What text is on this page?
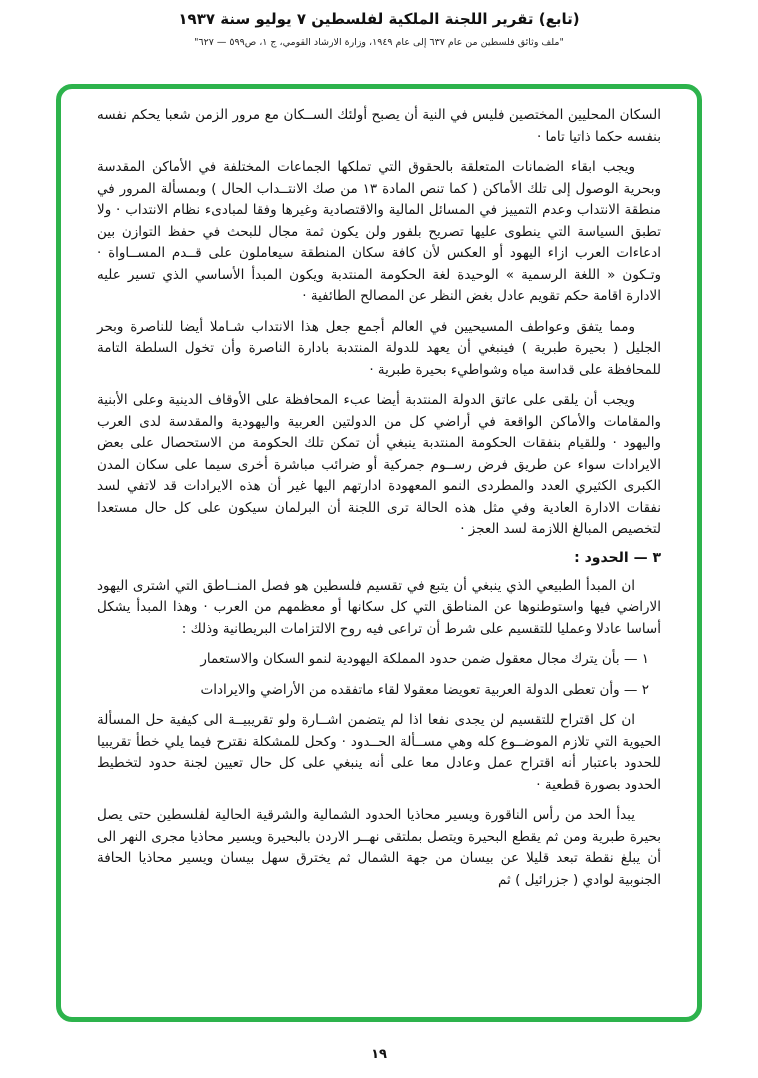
(تابع) تقرير اللجنة الملكية لفلسطين ٧ يوليو سنة ١٩٣٧
"ملف وثائق فلسطين من عام ٦٣٧ إلى عام ١٩٤٩، وزارة الارشاد القومي، ج ١، ص٥٩٩ — ٦٢٧"

السكان المحليين المختصين فليس في النية أن يصبح أولئك الســكان مع مرور الزمن شعبا يحكم نفسه بنفسه حكما ذاتيا تاما ·

ويجب ابقاء الضمانات المتعلقة بالحقوق التي تملكها الجماعات المختلفة في الأماكن المقدسة وبحرية الوصول إلى تلك الأماكن ( كما تنص المادة ١٣ من صك الانتــداب الحال ) وبمسألة المرور في منطقة الانتداب وعدم التمييز في المسائل المالية والاقتصادية وغيرها وفقا لمبادىء نظام الانتداب · ولا تطبق السياسة التي ينطوى عليها تصريح بلفور ولن يكون ثمة مجال للبحث في حفظ التوازن بين ادعاءات العرب ازاء اليهود أو العكس لأن كافة سكان المنطقة سيعاملون على قــدم المســاواة · وتـكون « اللغة الرسمية » الوحيدة لغة الحكومة المنتدبة ويكون المبدأ الأساسي الذي تسير عليه الادارة اقامة حكم تقويم عادل بغض النظر عن المصالح الطائفية ·

ومما يتفق وعواطف المسيحيين في العالم أجمع جعل هذا الانتداب شـاملا أيضا للناصرة وبحر الجليل ( بحيرة طبرية ) فينبغي أن يعهد للدولة المنتدبة بادارة الناصرة وأن تخول السلطة التامة للمحافظة على قداسة مياه وشواطيء بحيرة طبرية ·

ويجب أن يلقى على عاتق الدولة المنتدبة أيضا عبء المحافظة على الأوقاف الدينية وعلى الأبنية والمقامات والأماكن الواقعة في أراضي كل من الدولتين العربية واليهودية والمقدسة لدى العرب واليهود · وللقيام بنفقات الحكومة المنتدبة ينبغي أن تمكن تلك الحكومة من الاستحصال على بعض الايرادات سواء عن طريق فرض رســوم جمركية أو ضرائب مباشرة أخرى سيما على سكان المدن الكبرى الكثيري العدد والمطردى النمو المعهودة ادارتهم اليها غير أن هذه الايرادات قد لاتفي لسد نفقات الادارة العادية وفي مثل هذه الحالة ترى اللجنة أن البرلمان سيكون على كل حال مستعدا لتخصيص المبالغ اللازمة لسد العجز ·

٣ — الحدود :

ان المبدأ الطبيعي الذي ينبغي أن يتبع في تقسيم فلسطين هو فصل المنــاطق التي اشترى اليهود الاراضي فيها واستوطنوها عن المناطق التي كل سكانها أو معظمهم من العرب · وهذا المبدأ يشكل أساسا عادلا وعمليا للتقسيم على شرط أن تراعى فيه روح الالتزامات البريطانية وذلك :

١ — بأن يترك مجال معقول ضمن حدود المملكة اليهودية لنمو السكان والاستعمار

٢ — وأن تعطى الدولة العربية تعويضا معقولا لقاء ماتفقده من الأراضي والايرادات

ان كل اقتراح للتقسيم لن يجدى نفعا اذا لم يتضمن اشــارة ولو تقريبيــة الى كيفية حل المسألة الحيوية التي تلازم الموضــوع كله وهي مســألة الحــدود · وكحل للمشكلة نقترح فيما يلي خطأ تقريبيا للحدود باعتبار أنه اقتراح عمل وعادل معا على أنه ينبغي على كل حال تعيين لجنة حدود لتخطيط الحدود بصورة قطعية ·

يبدأ الحد من رأس الناقورة ويسير محاذيا الحدود الشمالية والشرقية الحالية لفلسطين حتى يصل بحيرة طبرية ومن ثم يقطع البحيرة ويتصل بملتقى نهــر الاردن بالبحيرة ويسير محاذيا مجرى النهر الى أن يبلغ نقطة تبعد قليلا عن بيسان من جهة الشمال ثم يخترق سهل بيسان ويسير محاذيا الحافة الجنوبية لوادي ( جزرائيل ) ثم

١٩
